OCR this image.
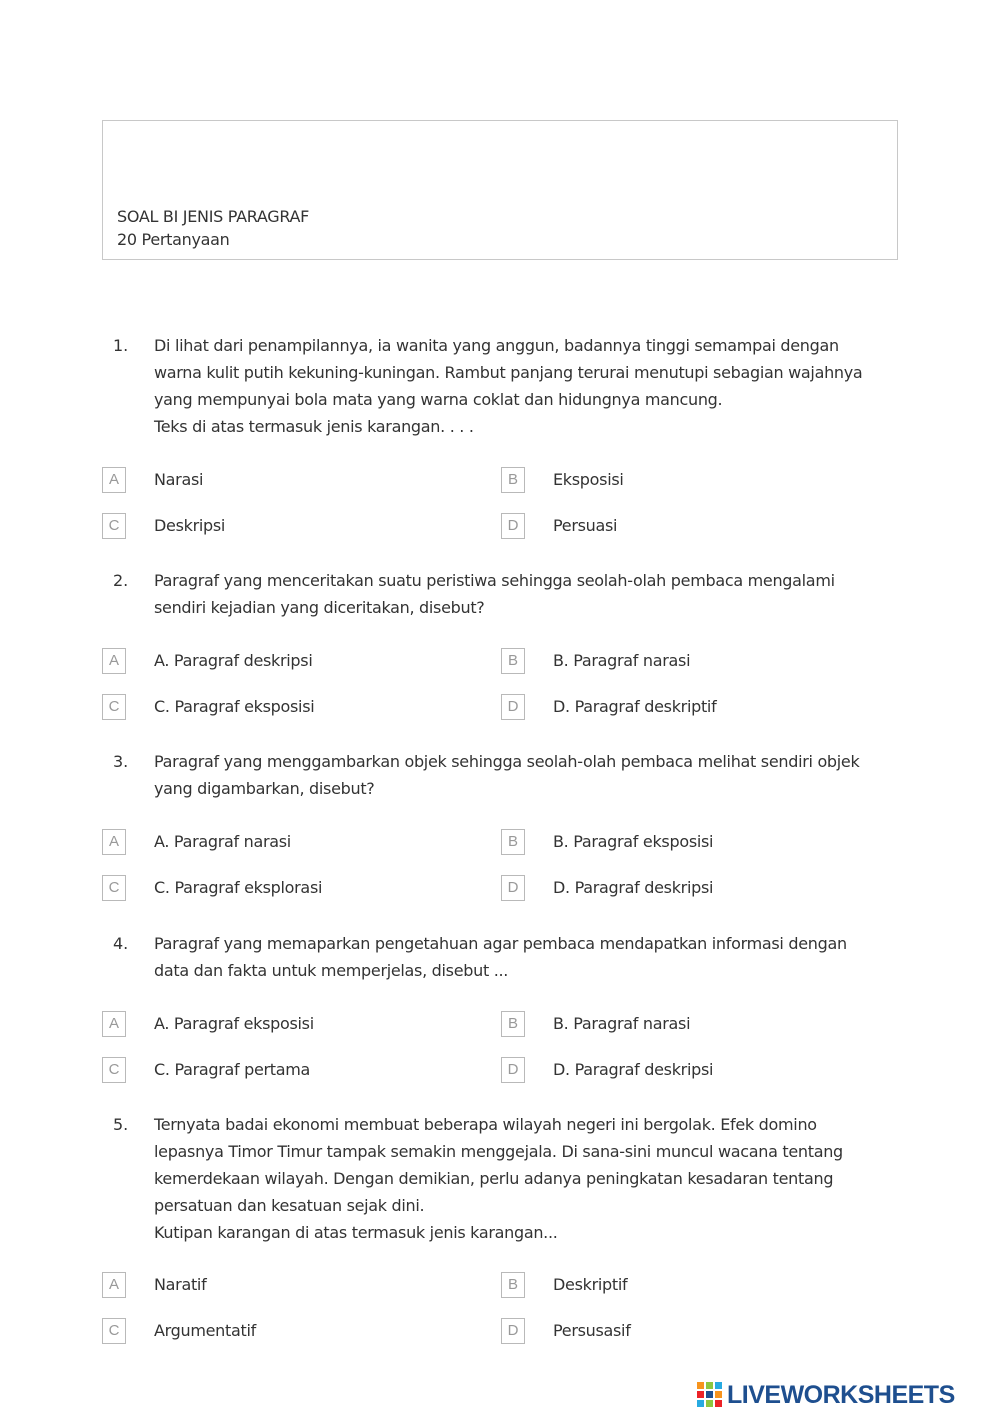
SOAL BI JENIS PARAGRAF
20 Pertanyaan
1. Di lihat dari penampilannya, ia wanita yang anggun, badannya tinggi semampai dengan
warna kulit putih kekuning-kuningan. Rambut panjang terurai menutupi sebagian wajahnya
yang mempunyai bola mata yang warna coklat dan hidungnya mancung.
Teks di atas termasuk jenis karangan. . . .
A	Narasi	B	Eksposisi
C	Deskripsi	D	Persuasi
2. Paragraf yang menceritakan suatu peristiwa sehingga seolah-olah pembaca mengalami
sendiri kejadian yang diceritakan, disebut?
A	A. Paragraf deskripsi	B	B. Paragraf narasi
C	C. Paragraf eksposisi	D	D. Paragraf deskriptif
3. Paragraf yang menggambarkan objek sehingga seolah-olah pembaca melihat sendiri objek
yang digambarkan, disebut?
A	A. Paragraf narasi	B	B. Paragraf eksposisi
C	C. Paragraf eksplorasi	D	D. Paragraf deskripsi
4. Paragraf yang memaparkan pengetahuan agar pembaca mendapatkan informasi dengan
data dan fakta untuk memperjelas, disebut ...
A	A. Paragraf eksposisi	B	B. Paragraf narasi
C	C. Paragraf pertama	D	D. Paragraf deskripsi
5. Ternyata badai ekonomi membuat beberapa wilayah negeri ini bergolak. Efek domino
lepasnya Timor Timur tampak semakin menggejala. Di sana-sini muncul wacana tentang
kemerdekaan wilayah. Dengan demikian, perlu adanya peningkatan kesadaran tentang
persatuan dan kesatuan sejak dini.
Kutipan karangan di atas termasuk jenis karangan...
A	Naratif	B	Deskriptif
C	Argumentatif	D	Persusasif
LIVEWORKSHEETS
